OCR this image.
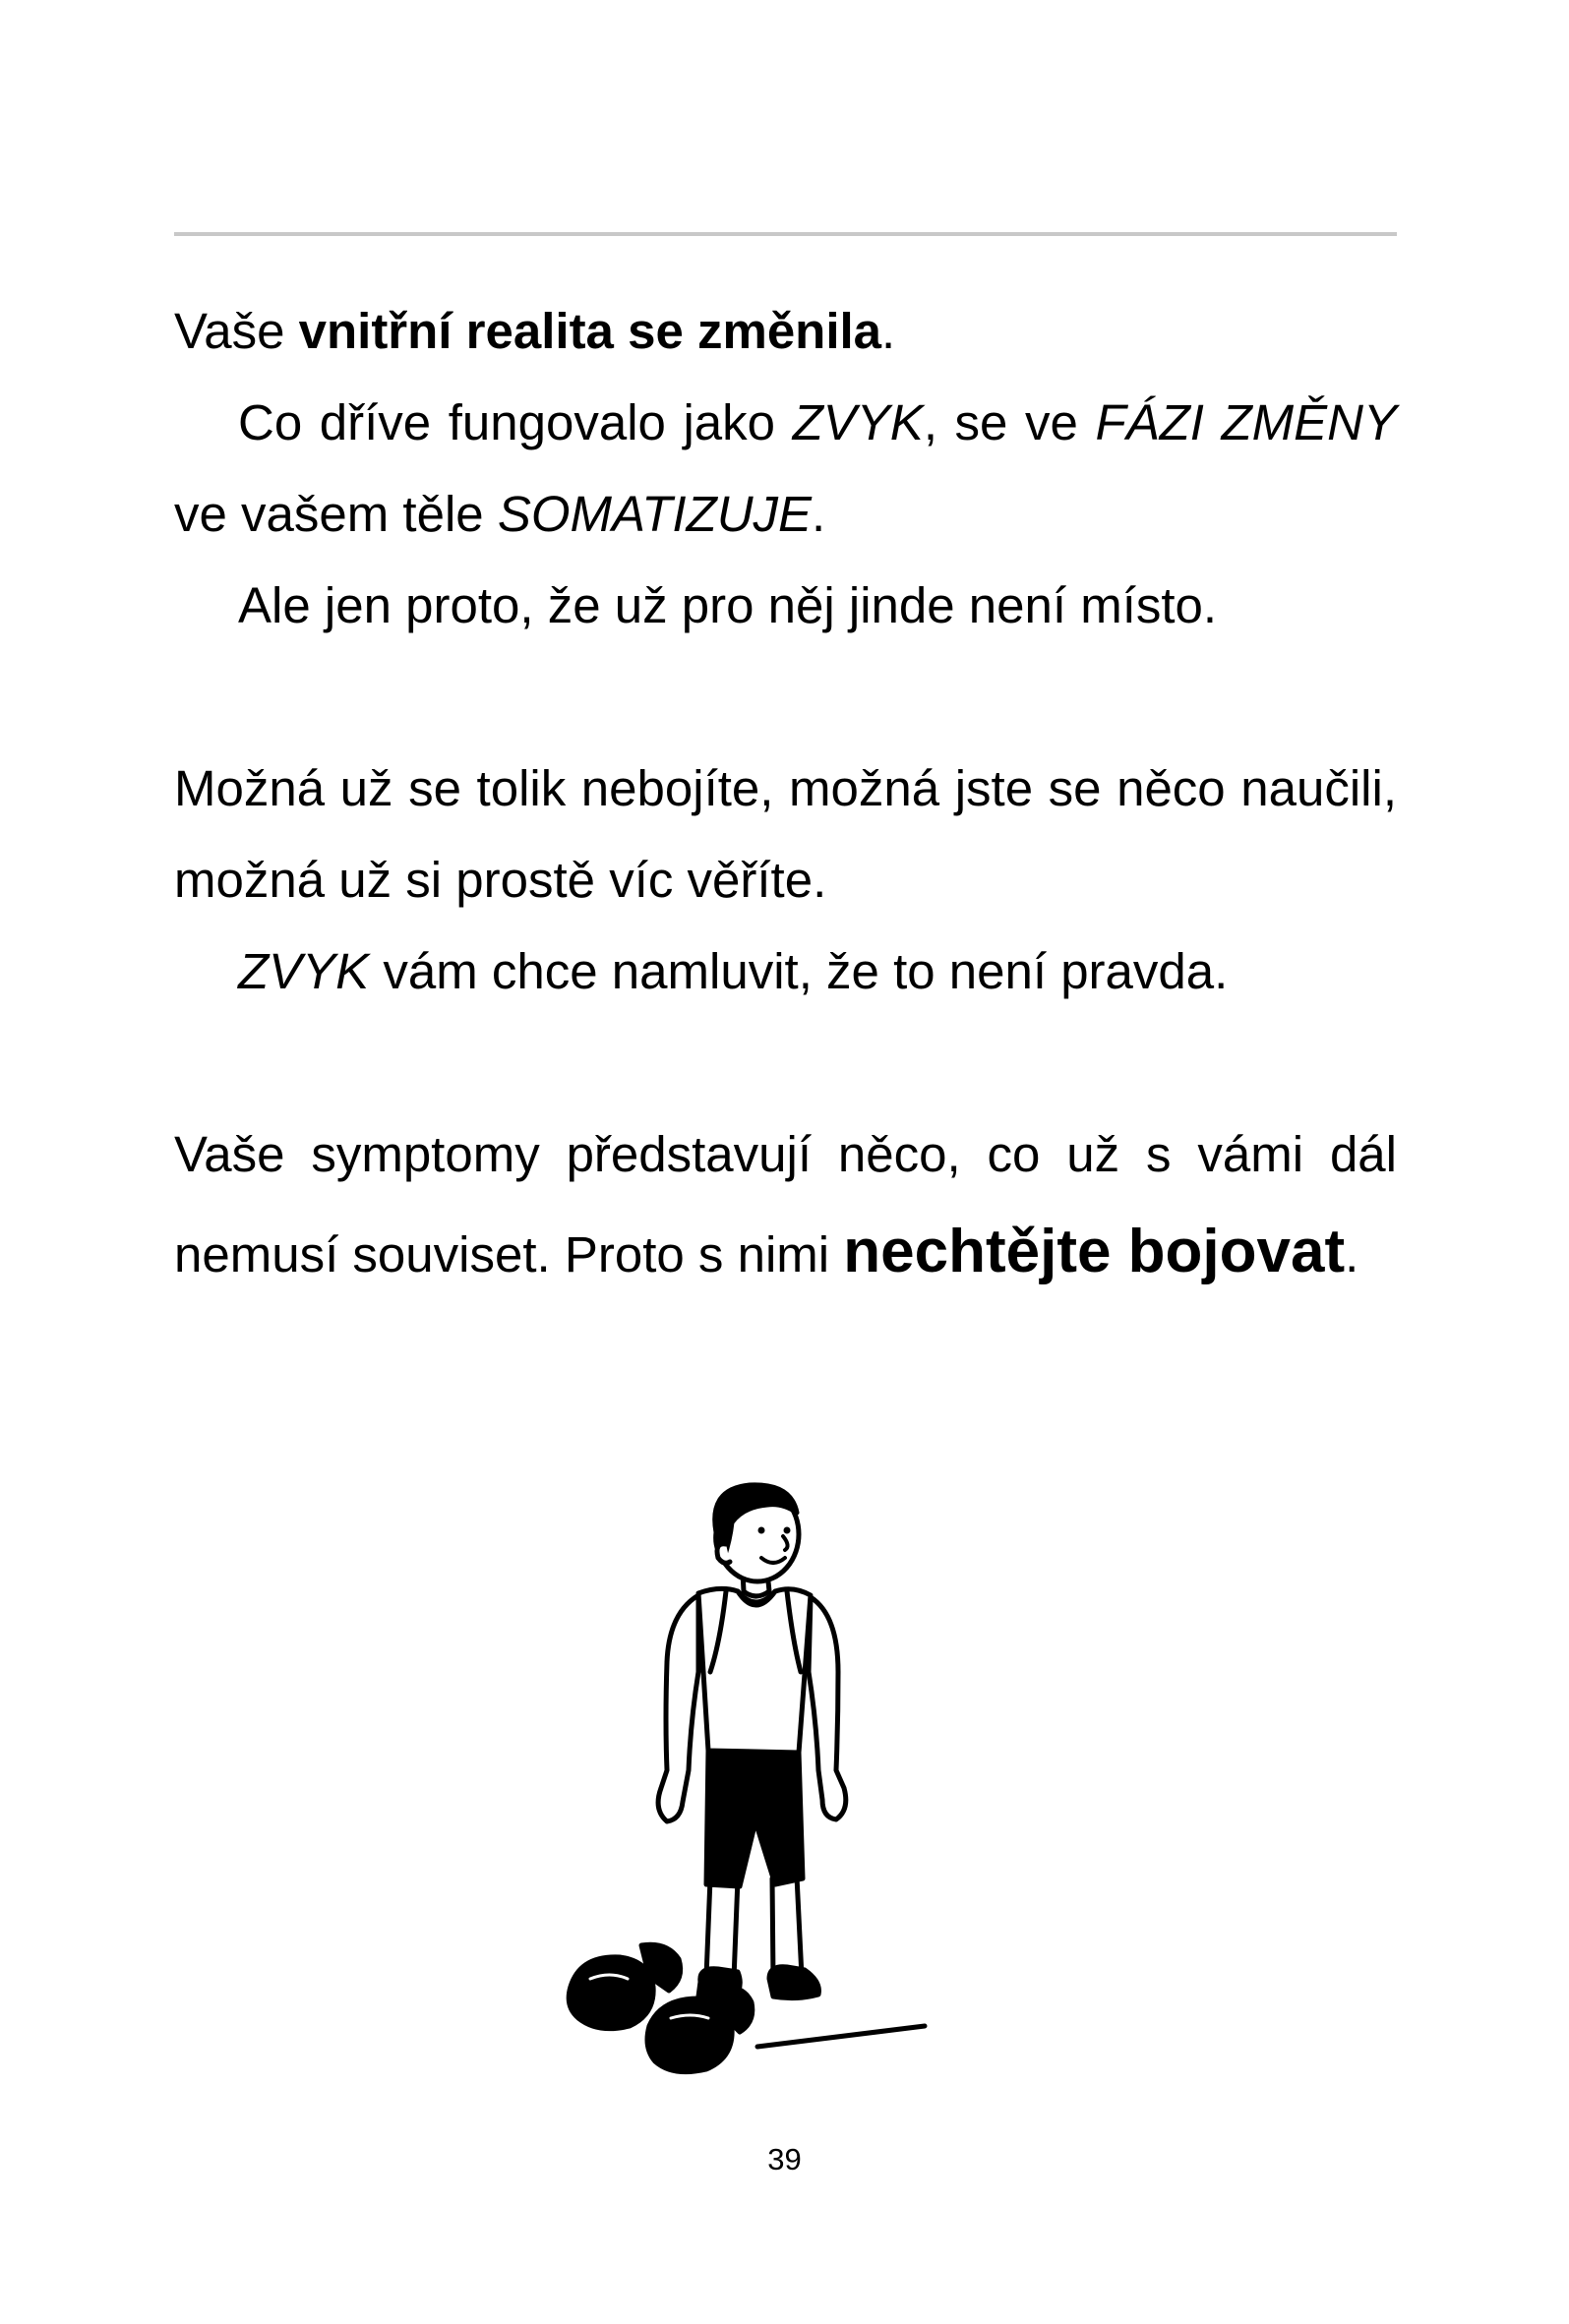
Vaše vnitřní realita se změnila.

Co dříve fungovalo jako ZVYK, se ve FÁZI ZMĚNY ve vašem těle SOMATIZUJE.

Ale jen proto, že už pro něj jinde není místo.

Možná už se tolik nebojíte, možná jste se něco naučili, možná už si prostě víc věříte.

ZVYK vám chce namluvit, že to není pravda.

Vaše symptomy představují něco, co už s vámi dál nemusí souviset. Proto s nimi nechtějte bojovat.

39
